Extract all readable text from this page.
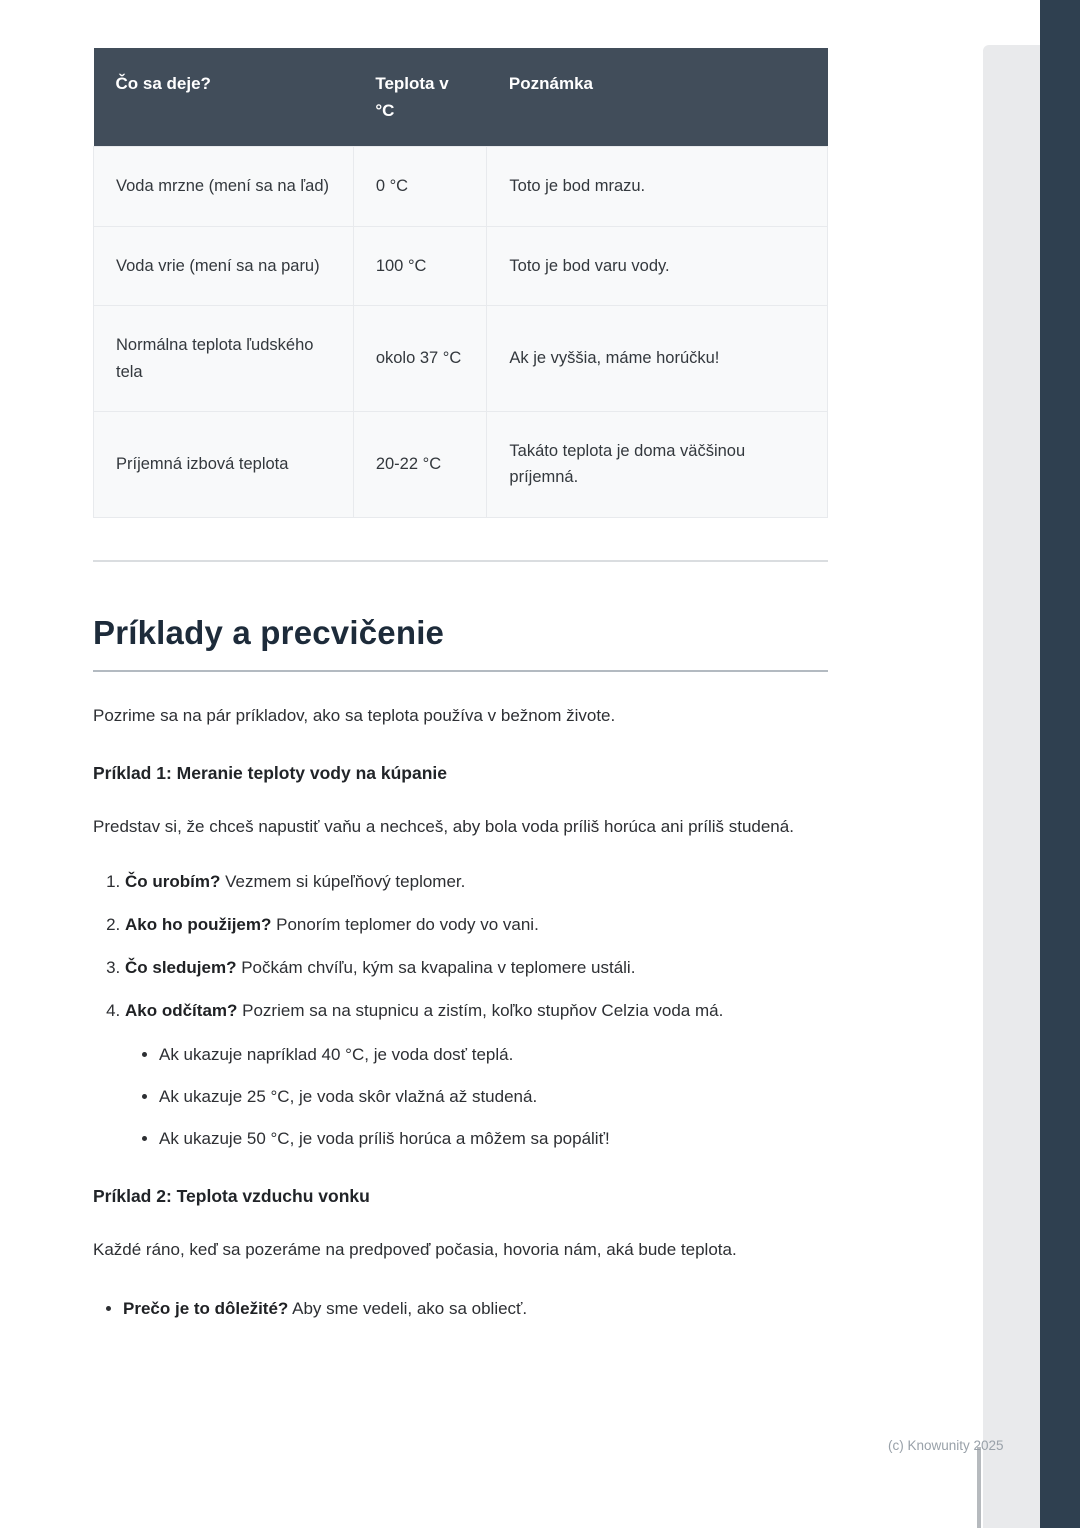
Čo sa deje?	Teplota v °C	Poznámka
Voda mrzne (mení sa na ľad)	0 °C	Toto je bod mrazu.
Voda vrie (mení sa na paru)	100 °C	Toto je bod varu vody.
Normálna teplota ľudského tela	okolo 37 °C	Ak je vyššia, máme horúčku!
Príjemná izbová teplota	20-22 °C	Takáto teplota je doma väčšinou príjemná.
Príklady a precvičenie

Pozrime sa na pár príkladov, ako sa teplota používa v bežnom živote.

Príklad 1: Meranie teploty vody na kúpanie

Predstav si, že chceš napustiť vaňu a nechceš, aby bola voda príliš horúca ani príliš studená.

1. Čo urobím? Vezmem si kúpeľňový teplomer.
2. Ako ho použijem? Ponorím teplomer do vody vo vani.
3. Čo sledujem? Počkám chvíľu, kým sa kvapalina v teplomere ustáli.
4. Ako odčítam? Pozriem sa na stupnicu a zistím, koľko stupňov Celzia voda má.
• Ak ukazuje napríklad 40 °C, je voda dosť teplá.
• Ak ukazuje 25 °C, je voda skôr vlažná až studená.
• Ak ukazuje 50 °C, je voda príliš horúca a môžem sa popáliť!
Príklad 2: Teplota vzduchu vonku

Každé ráno, keď sa pozeráme na predpoveď počasia, hovoria nám, aká bude teplota.

• Prečo je to dôležité? Aby sme vedeli, ako sa obliecť.
(c) Knowunity 2025
